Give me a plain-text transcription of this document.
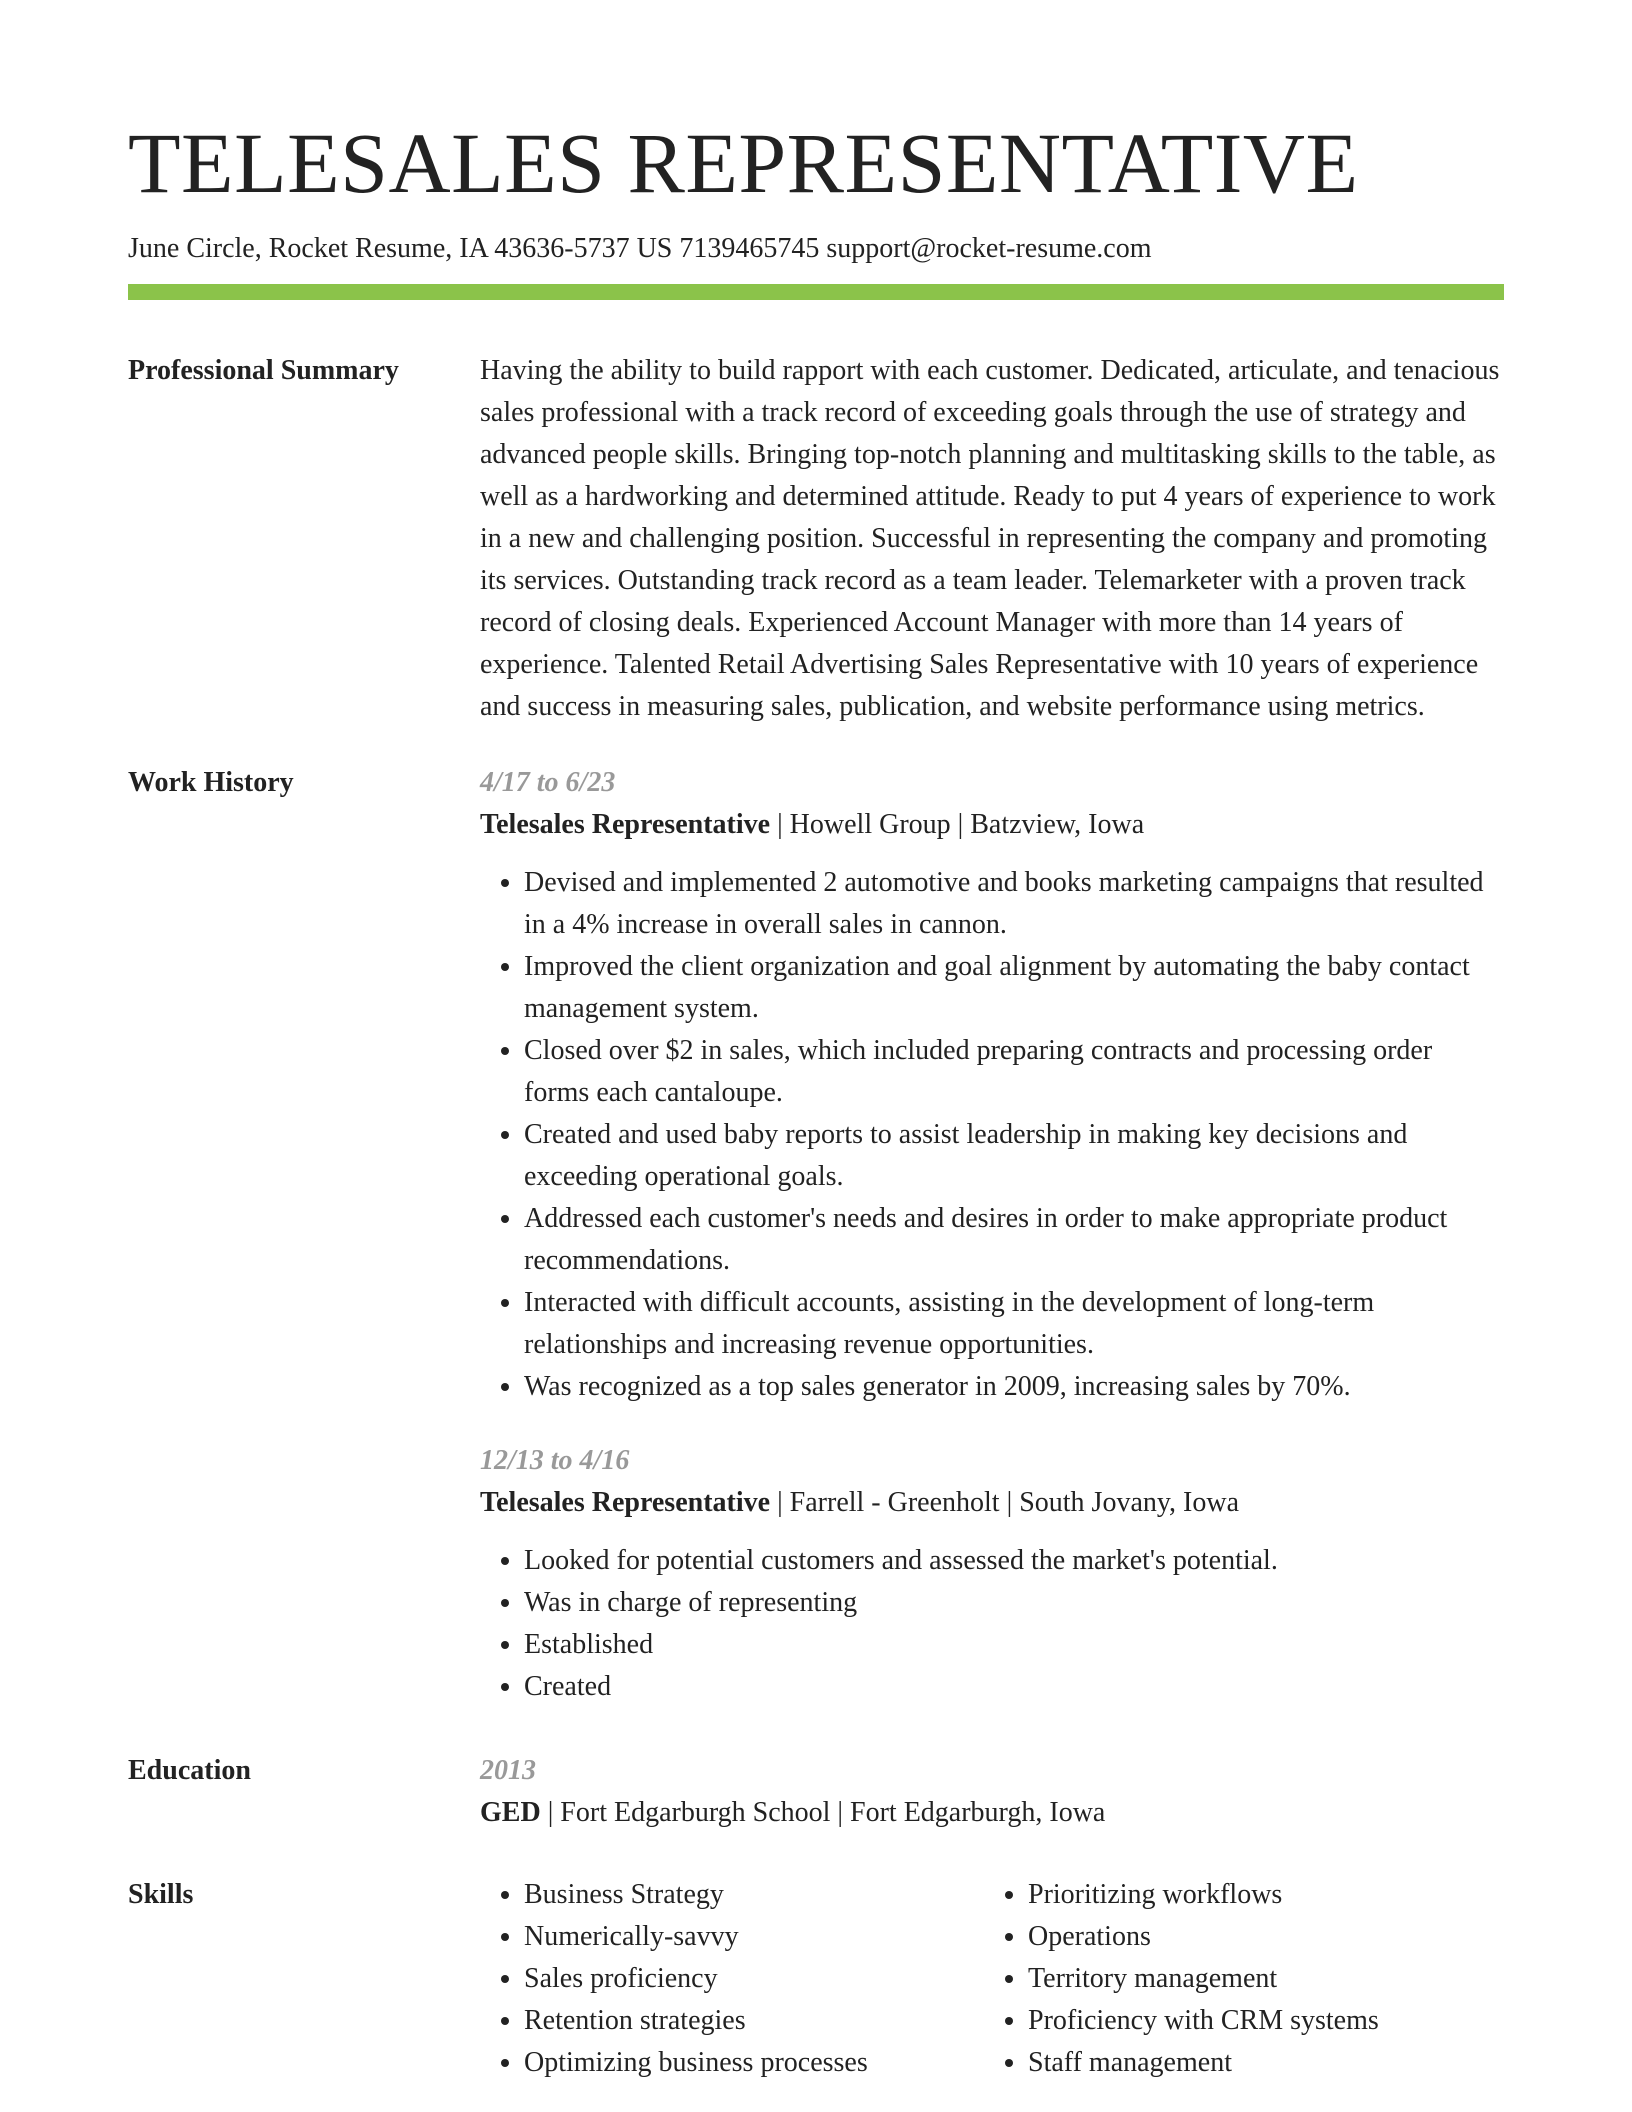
TELESALES REPRESENTATIVE
June Circle, Rocket Resume, IA 43636-5737 US 7139465745 support@rocket-resume.com
Professional Summary	Having the ability to build rapport with each customer. Dedicated, articulate, and tenacious sales professional with a track record of exceeding goals through the use of strategy and advanced people skills. Bringing top-notch planning and multitasking skills to the table, as well as a hardworking and determined attitude. Ready to put 4 years of experience to work in a new and challenging position. Successful in representing the company and promoting its services. Outstanding track record as a team leader. Telemarketer with a proven track record of closing deals. Experienced Account Manager with more than 14 years of experience. Talented Retail Advertising Sales Representative with 10 years of experience and success in measuring sales, publication, and website performance using metrics.
Work History	4/17 to 6/23
Telesales Representative | Howell Group | Batzview, Iowa
• Devised and implemented 2 automotive and books marketing campaigns that resulted in a 4% increase in overall sales in cannon.
• Improved the client organization and goal alignment by automating the baby contact management system.
• Closed over $2 in sales, which included preparing contracts and processing order forms each cantaloupe.
• Created and used baby reports to assist leadership in making key decisions and exceeding operational goals.
• Addressed each customer's needs and desires in order to make appropriate product recommendations.
• Interacted with difficult accounts, assisting in the development of long-term relationships and increasing revenue opportunities.
• Was recognized as a top sales generator in 2009, increasing sales by 70%.
12/13 to 4/16
Telesales Representative | Farrell - Greenholt | South Jovany, Iowa
• Looked for potential customers and assessed the market's potential.
• Was in charge of representing
• Established
• Created
Education	2013
GED | Fort Edgarburgh School | Fort Edgarburgh, Iowa
Skills
•	Business Strategy
• Numerically-savvy
• Sales proficiency
• Retention strategies
• Optimizing business processes
• Prioritizing workflows
• Operations
• Territory management
• Proficiency with CRM systems
• Staff management
